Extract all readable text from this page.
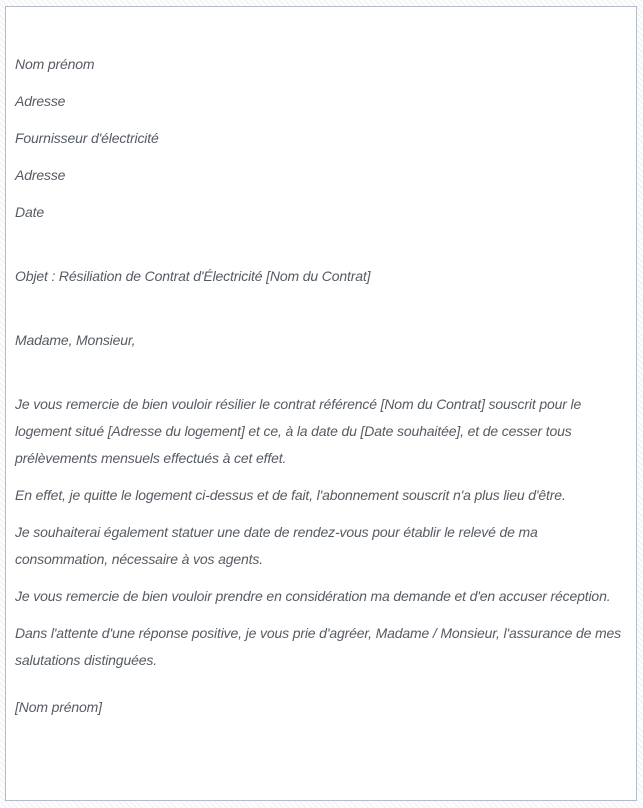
Nom prénom

Adresse

Fournisseur d'électricité

Adresse

Date

Objet : Résiliation de Contrat d'Électricité [Nom du Contrat]

Madame, Monsieur,

Je vous remercie de bien vouloir résilier le contrat référencé [Nom du Contrat] souscrit pour le logement situé [Adresse du logement] et ce, à la date du [Date souhaitée], et de cesser tous prélèvements mensuels effectués à cet effet.

En effet, je quitte le logement ci-dessus et de fait, l'abonnement souscrit n'a plus lieu d'être.

Je souhaiterai également statuer une date de rendez-vous pour établir le relevé de ma consommation, nécessaire à vos agents.

Je vous remercie de bien vouloir prendre en considération ma demande et d'en accuser réception.

Dans l'attente d'une réponse positive, je vous prie d'agréer, Madame / Monsieur, l'assurance de mes salutations distinguées.

[Nom prénom]
